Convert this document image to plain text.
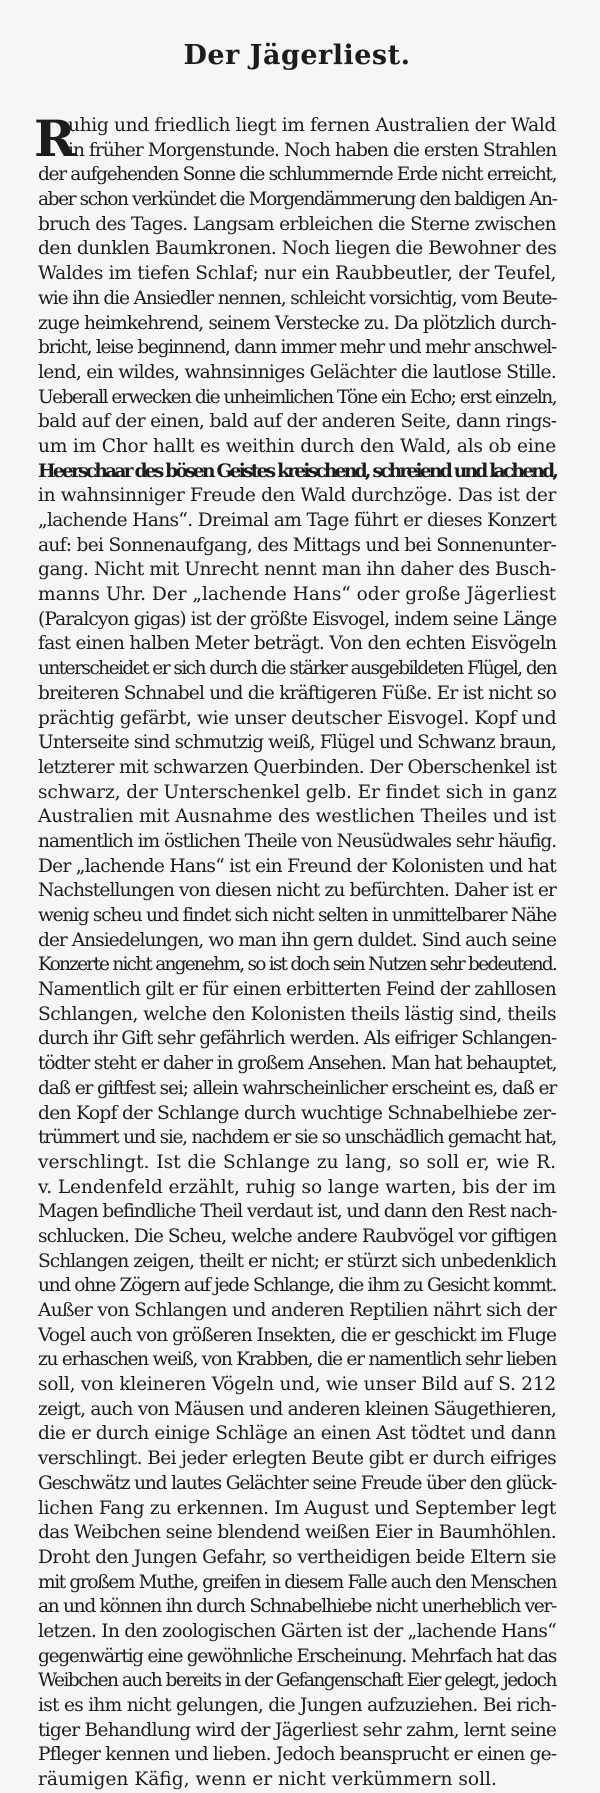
Der Jägerliest.
R
uhig und friedlich liegt im fernen Australien der Wald
in früher Morgenstunde. Noch haben die ersten Strahlen
der aufgehenden Sonne die schlummernde Erde nicht erreicht,
aber schon verkündet die Morgendämmerung den baldigen An-
bruch des Tages. Langsam erbleichen die Sterne zwischen
den dunklen Baumkronen. Noch liegen die Bewohner des
Waldes im tiefen Schlaf; nur ein Raubbeutler, der Teufel,
wie ihn die Ansiedler nennen, schleicht vorsichtig, vom Beute-
zuge heimkehrend, seinem Verstecke zu. Da plötzlich durch-
bricht, leise beginnend, dann immer mehr und mehr anschwel-
lend, ein wildes, wahnsinniges Gelächter die lautlose Stille.
Ueberall erwecken die unheimlichen Töne ein Echo; erst einzeln,
bald auf der einen, bald auf der anderen Seite, dann rings-
um im Chor hallt es weithin durch den Wald, als ob eine
Heerschaar des bösen Geistes kreischend, schreiend und lachend,
in wahnsinniger Freude den Wald durchzöge. Das ist der
„lachende Hans“. Dreimal am Tage führt er dieses Konzert
auf: bei Sonnenaufgang, des Mittags und bei Sonnenunter-
gang. Nicht mit Unrecht nennt man ihn daher des Busch-
manns Uhr. Der „lachende Hans“ oder große Jägerliest
(Paralcyon gigas) ist der größte Eisvogel, indem seine Länge
fast einen halben Meter beträgt. Von den echten Eisvögeln
unterscheidet er sich durch die stärker ausgebildeten Flügel, den
breiteren Schnabel und die kräftigeren Füße. Er ist nicht so
prächtig gefärbt, wie unser deutscher Eisvogel. Kopf und
Unterseite sind schmutzig weiß, Flügel und Schwanz braun,
letzterer mit schwarzen Querbinden. Der Oberschenkel ist
schwarz, der Unterschenkel gelb. Er findet sich in ganz
Australien mit Ausnahme des westlichen Theiles und ist
namentlich im östlichen Theile von Neusüdwales sehr häufig.
Der „lachende Hans“ ist ein Freund der Kolonisten und hat
Nachstellungen von diesen nicht zu befürchten. Daher ist er
wenig scheu und findet sich nicht selten in unmittelbarer Nähe
der Ansiedelungen, wo man ihn gern duldet. Sind auch seine
Konzerte nicht angenehm, so ist doch sein Nutzen sehr bedeutend.
Namentlich gilt er für einen erbitterten Feind der zahllosen
Schlangen, welche den Kolonisten theils lästig sind, theils
durch ihr Gift sehr gefährlich werden. Als eifriger Schlangen-
tödter steht er daher in großem Ansehen. Man hat behauptet,
daß er giftfest sei; allein wahrscheinlicher erscheint es, daß er
den Kopf der Schlange durch wuchtige Schnabelhiebe zer-
trümmert und sie, nachdem er sie so unschädlich gemacht hat,
verschlingt. Ist die Schlange zu lang, so soll er, wie R.
v. Lendenfeld erzählt, ruhig so lange warten, bis der im
Magen befindliche Theil verdaut ist, und dann den Rest nach-
schlucken. Die Scheu, welche andere Raubvögel vor giftigen
Schlangen zeigen, theilt er nicht; er stürzt sich unbedenklich
und ohne Zögern auf jede Schlange, die ihm zu Gesicht kommt.
Außer von Schlangen und anderen Reptilien nährt sich der
Vogel auch von größeren Insekten, die er geschickt im Fluge
zu erhaschen weiß, von Krabben, die er namentlich sehr lieben
soll, von kleineren Vögeln und, wie unser Bild auf S. 212
zeigt, auch von Mäusen und anderen kleinen Säugethieren,
die er durch einige Schläge an einen Ast tödtet und dann
verschlingt. Bei jeder erlegten Beute gibt er durch eifriges
Geschwätz und lautes Gelächter seine Freude über den glück-
lichen Fang zu erkennen. Im August und September legt
das Weibchen seine blendend weißen Eier in Baumhöhlen.
Droht den Jungen Gefahr, so vertheidigen beide Eltern sie
mit großem Muthe, greifen in diesem Falle auch den Menschen
an und können ihn durch Schnabelhiebe nicht unerheblich ver-
letzen. In den zoologischen Gärten ist der „lachende Hans“
gegenwärtig eine gewöhnliche Erscheinung. Mehrfach hat das
Weibchen auch bereits in der Gefangenschaft Eier gelegt, jedoch
ist es ihm nicht gelungen, die Jungen aufzuziehen. Bei rich-
tiger Behandlung wird der Jägerliest sehr zahm, lernt seine
Pfleger kennen und lieben. Jedoch beansprucht er einen ge-
räumigen Käfig, wenn er nicht verkümmern soll.
